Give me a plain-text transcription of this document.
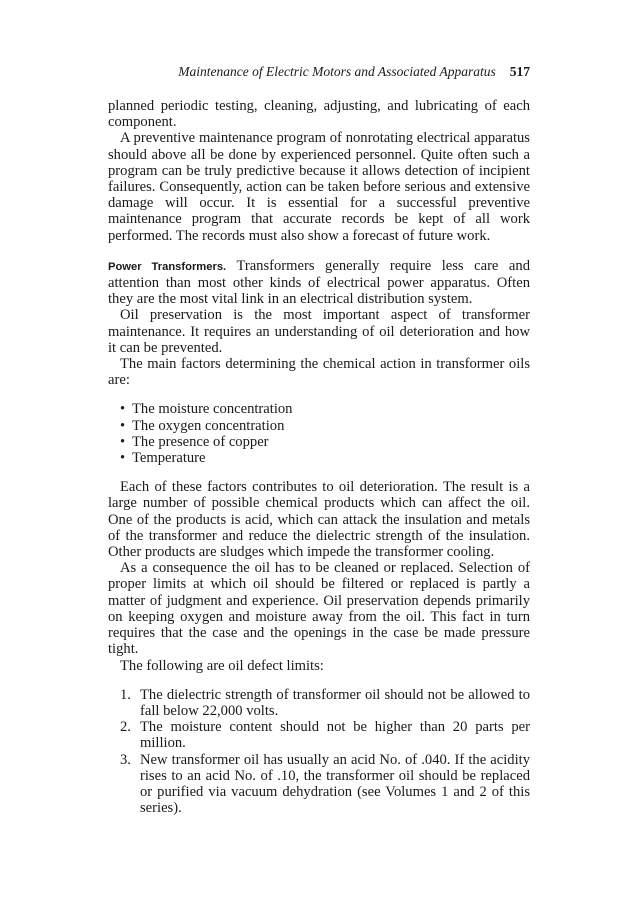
Maintenance of Electric Motors and Associated Apparatus 517

planned periodic testing, cleaning, adjusting, and lubricating of each component.

A preventive maintenance program of nonrotating electrical apparatus should above all be done by experienced personnel. Quite often such a program can be truly predictive because it allows detection of incipient failures. Consequently, action can be taken before serious and extensive damage will occur. It is essential for a successful preventive maintenance program that accurate records be kept of all work performed. The records must also show a forecast of future work.

Power Transformers. Transformers generally require less care and attention than most other kinds of electrical power apparatus. Often they are the most vital link in an electrical distribution system.

Oil preservation is the most important aspect of transformer maintenance. It requires an understanding of oil deterioration and how it can be prevented.

The main factors determining the chemical action in transformer oils are:

• The moisture concentration
• The oxygen concentration
• The presence of copper
• Temperature

Each of these factors contributes to oil deterioration. The result is a large number of possible chemical products which can affect the oil. One of the products is acid, which can attack the insulation and metals of the transformer and reduce the dielectric strength of the insulation. Other products are sludges which impede the transformer cooling.

As a consequence the oil has to be cleaned or replaced. Selection of proper limits at which oil should be filtered or replaced is partly a matter of judgment and experience. Oil preservation depends primarily on keeping oxygen and moisture away from the oil. This fact in turn requires that the case and the openings in the case be made pressure tight.

The following are oil defect limits:

1. The dielectric strength of transformer oil should not be allowed to fall below 22,000 volts.
2. The moisture content should not be higher than 20 parts per million.
3. New transformer oil has usually an acid No. of .040. If the acidity rises to an acid No. of .10, the transformer oil should be replaced or purified via vacuum dehydration (see Volumes 1 and 2 of this series).
